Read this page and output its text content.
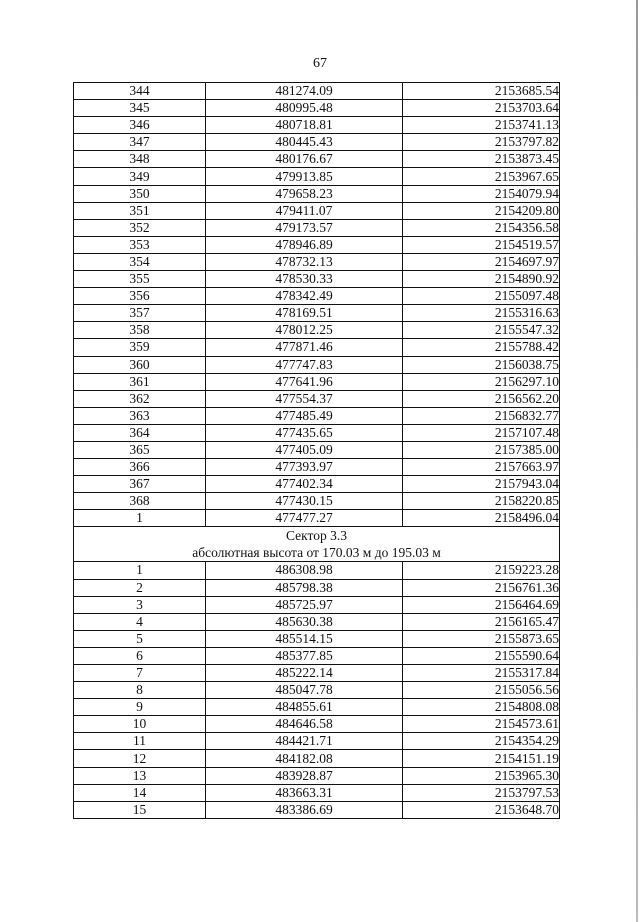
67
344	481274.09	2153685.54
345	480995.48	2153703.64
346	480718.81	2153741.13
347	480445.43	2153797.82
348	480176.67	2153873.45
349	479913.85	2153967.65
350	479658.23	2154079.94
351	479411.07	2154209.80
352	479173.57	2154356.58
353	478946.89	2154519.57
354	478732.13	2154697.97
355	478530.33	2154890.92
356	478342.49	2155097.48
357	478169.51	2155316.63
358	478012.25	2155547.32
359	477871.46	2155788.42
360	477747.83	2156038.75
361	477641.96	2156297.10
362	477554.37	2156562.20
363	477485.49	2156832.77
364	477435.65	2157107.48
365	477405.09	2157385.00
366	477393.97	2157663.97
367	477402.34	2157943.04
368	477430.15	2158220.85
1	477477.27	2158496.04

Сектор 3.3
абсолютная высота от 170.03 м до 195.03 м		

1	486308.98	2159223.28
2	485798.38	2156761.36
3	485725.97	2156464.69
4	485630.38	2156165.47
5	485514.15	2155873.65
6	485377.85	2155590.64
7	485222.14	2155317.84
8	485047.78	2155056.56
9	484855.61	2154808.08
10	484646.58	2154573.61
11	484421.71	2154354.29
12	484182.08	2154151.19
13	483928.87	2153965.30
14	483663.31	2153797.53
15	483386.69	2153648.70
